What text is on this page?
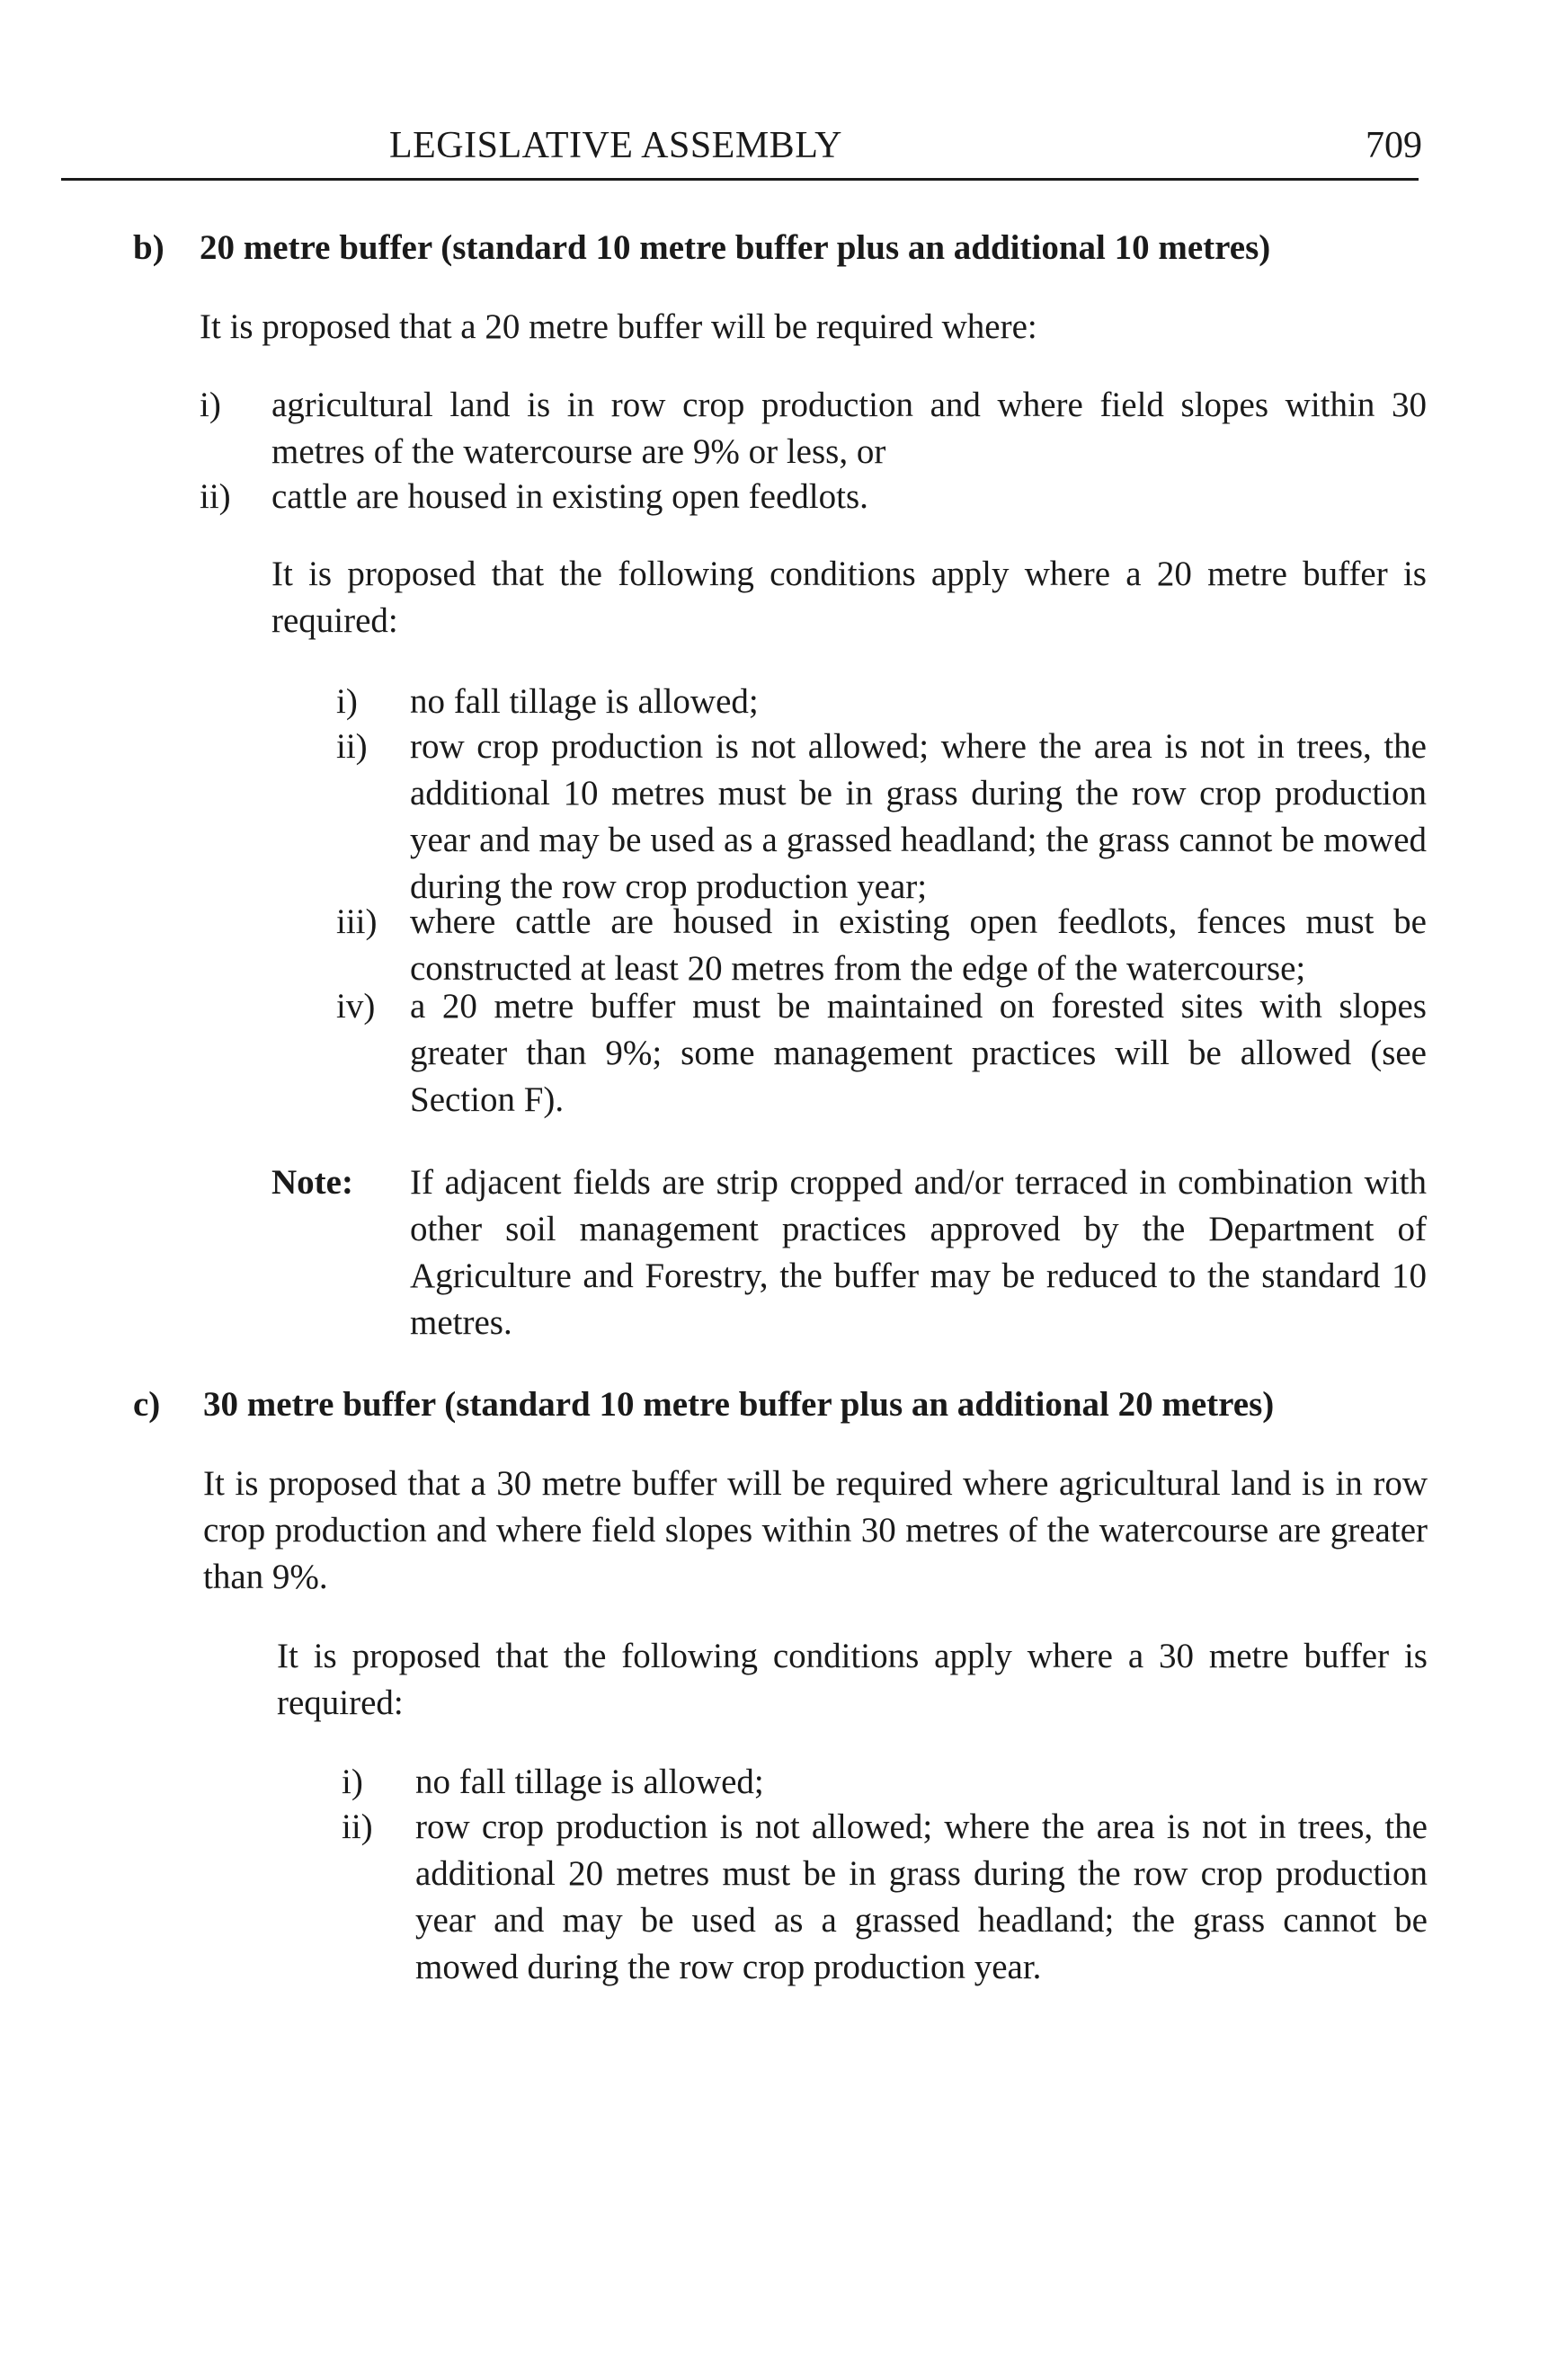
LEGISLATIVE ASSEMBLY	709
b)	20 metre buffer (standard 10 metre buffer plus an additional 10 metres)

It is proposed that a 20 metre buffer will be required where:

i)	agricultural land is in row crop production and where field slopes within 30 metres of the watercourse are 9% or less, or
ii)	cattle are housed in existing open feedlots.

It is proposed that the following conditions apply where a 20 metre buffer is required:

i)	no fall tillage is allowed;
ii)	row crop production is not allowed; where the area is not in trees, the additional 10 metres must be in grass during the row crop production year and may be used as a grassed headland; the grass cannot be mowed during the row crop production year;
iii) where cattle are housed in existing open feedlots, fences must be constructed at least 20 metres from the edge of the watercourse;
iv) a 20 metre buffer must be maintained on forested sites with slopes greater than 9%; some management practices will be allowed (see Section F).
Note:	If adjacent fields are strip cropped and/or terraced in combination with other soil management practices approved by the Department of Agriculture and Forestry, the buffer may be reduced to the standard 10 metres.
c)	30 metre buffer (standard 10 metre buffer plus an additional 20 metres)

It is proposed that a 30 metre buffer will be required where agricultural land is in row crop production and where field slopes within 30 metres of the watercourse are greater than 9%.

It is proposed that the following conditions apply where a 30 metre buffer is required:

i)	no fall tillage is allowed;
ii)	row crop production is not allowed; where the area is not in trees, the additional 20 metres must be in grass during the row crop production year and may be used as a grassed headland; the grass cannot be mowed during the row crop production year.
